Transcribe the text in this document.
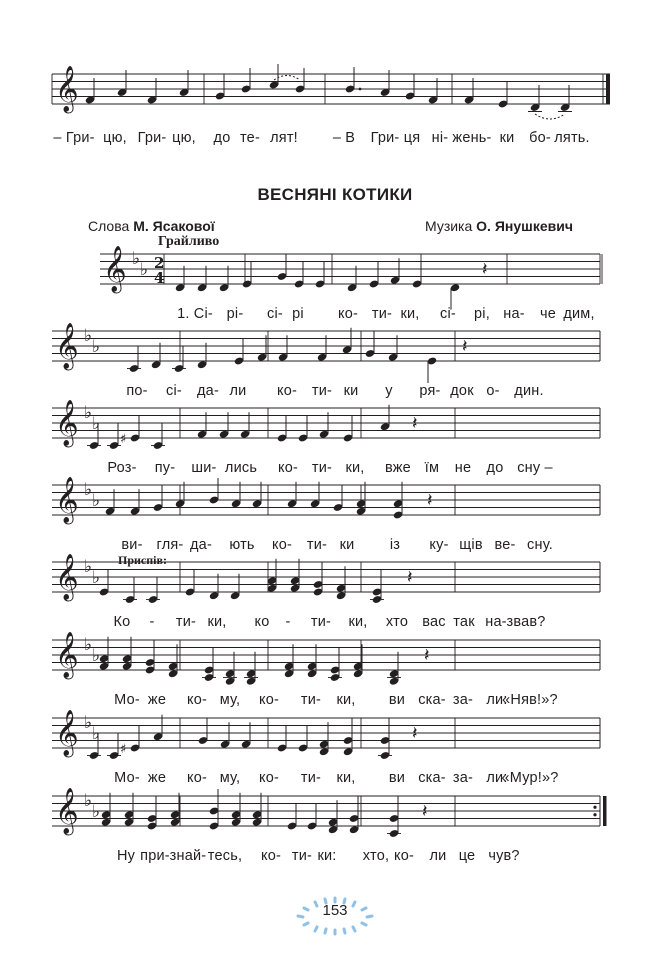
𝄞
– Гри- цю, Гри- цю, до те- лят! – В Гри- ця ні- жень- ки бо- лять.
ВЕСНЯНІ КОТИКИ
Слова М. Ясакової	Музика О. Янушкевич
Грайливо
Приспів:
𝄞 ♭
♭ 2
4	𝄽
1. Сі- рі- сі- рі ко- ти- ки, сі- рі, на- че дим,
𝄞 ♭
♭	𝄽
по- сі- да- ли ко- ти- ки у ря- док о- дин.
𝄞 ♭
♭
♯
𝄽
Роз- пу- ши- лись ко- ти- ки, вже їм не до сну –
𝄞 ♭
♭	𝄽
ви- гля- да- ють ко- ти- ки із ку- щів ве- сну.
𝄞 ♭
♭	𝄽
Ко - ти- ки, ко - ти- ки, хто вас так на- звав?
𝄞 ♭
♭	𝄽
Мо- же ко- му, ко- ти- ки, ви ска- за- ли:
«Няв!»?
𝄞 ♭
♭
♯
𝄽
Мо- же ко- му, ко- ти- ки, ви ска- за- ли:
«Мур!»?
𝄞 ♭
♭	𝄽
Ну при- знай- тесь, ко- ти- ки: хто, ко- ли це чув?
153
